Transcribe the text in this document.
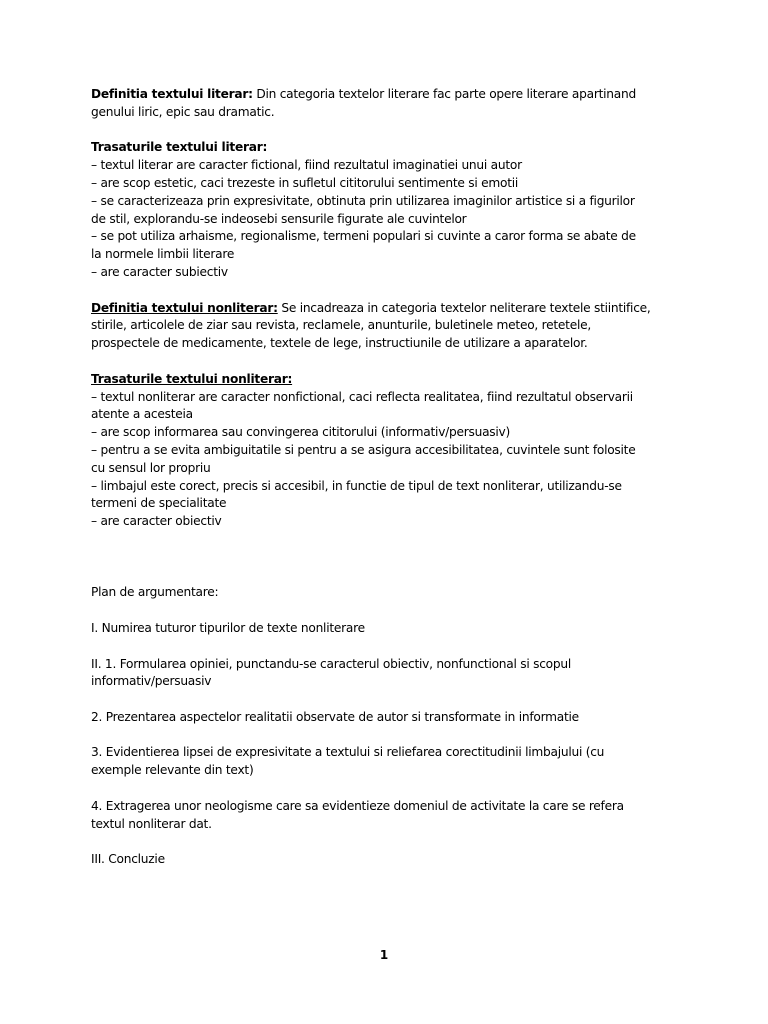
Definitia textului literar: Din categoria textelor literare fac parte opere literare apartinand

genului liric, epic sau dramatic.

Trasaturile textului literar:

– textul literar are caracter fictional, fiind rezultatul imaginatiei unui autor

– are scop estetic, caci trezeste in sufletul cititorului sentimente si emotii

– se caracterizeaza prin expresivitate, obtinuta prin utilizarea imaginilor artistice si a figurilor

de stil, explorandu-se indeosebi sensurile figurate ale cuvintelor

– se pot utiliza arhaisme, regionalisme, termeni populari si cuvinte a caror forma se abate de

la normele limbii literare

– are caracter subiectiv

Definitia textului nonliterar: Se incadreaza in categoria textelor neliterare textele stiintifice,

stirile, articolele de ziar sau revista, reclamele, anunturile, buletinele meteo, retetele,

prospectele de medicamente, textele de lege, instructiunile de utilizare a aparatelor.

Trasaturile textului nonliterar:

– textul nonliterar are caracter nonfictional, caci reflecta realitatea, fiind rezultatul observarii

atente a acesteia

– are scop informarea sau convingerea cititorului (informativ/persuasiv)

– pentru a se evita ambiguitatile si pentru a se asigura accesibilitatea, cuvintele sunt folosite

cu sensul lor propriu

– limbajul este corect, precis si accesibil, in functie de tipul de text nonliterar, utilizandu-se

termeni de specialitate

– are caracter obiectiv

Plan de argumentare:

I. Numirea tuturor tipurilor de texte nonliterare

II. 1. Formularea opiniei, punctandu-se caracterul obiectiv, nonfunctional si scopul

informativ/persuasiv

2. Prezentarea aspectelor realitatii observate de autor si transformate in informatie

3. Evidentierea lipsei de expresivitate a textului si reliefarea corectitudinii limbajului (cu

exemple relevante din text)

4. Extragerea unor neologisme care sa evidentieze domeniul de activitate la care se refera

textul nonliterar dat.

III. Concluzie

1
